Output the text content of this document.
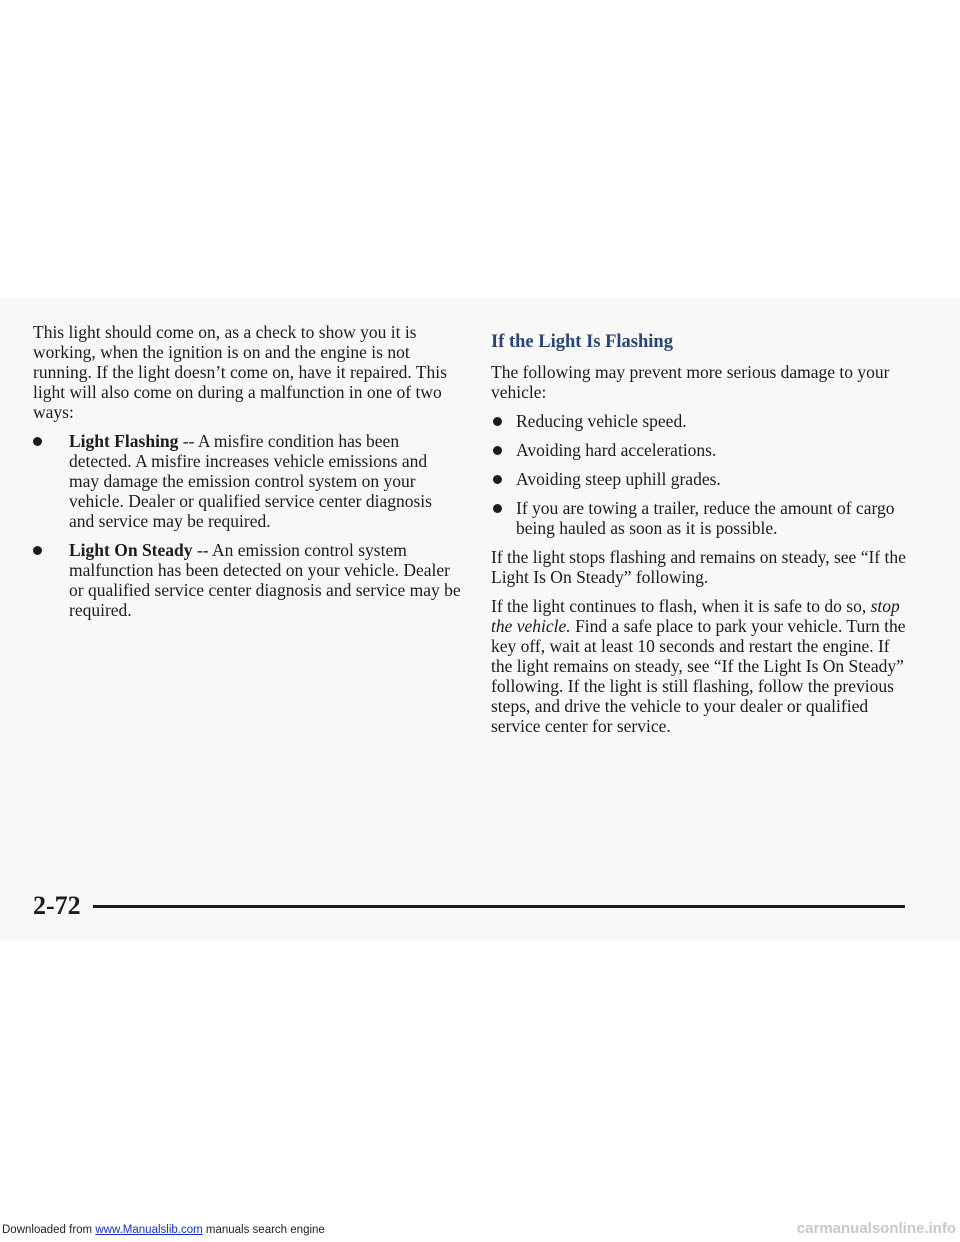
This light should come on, as a check to show you it is working, when the ignition is on and the engine is not running. If the light doesn’t come on, have it repaired. This light will also come on during a malfunction in one of two ways:

Light Flashing -- A misfire condition has been detected. A misfire increases vehicle emissions and may damage the emission control system on your vehicle. Dealer or qualified service center diagnosis and service may be required.
Light On Steady -- An emission control system malfunction has been detected on your vehicle. Dealer or qualified service center diagnosis and service may be required.
If the Light Is Flashing

The following may prevent more serious damage to your vehicle:

Reducing vehicle speed.
Avoiding hard accelerations.
Avoiding steep uphill grades.
If you are towing a trailer, reduce the amount of cargo being hauled as soon as it is possible.

If the light stops flashing and remains on steady, see “If the Light Is On Steady” following.

If the light continues to flash, when it is safe to do so, stop the vehicle. Find a safe place to park your vehicle. Turn the key off, wait at least 10 seconds and restart the engine. If the light remains on steady, see “If the Light Is On Steady” following. If the light is still flashing, follow the previous steps, and drive the vehicle to your dealer or qualified service center for service.

2-72
Downloaded from www.Manualslib.com manuals search engine	carmanualsonline.info
